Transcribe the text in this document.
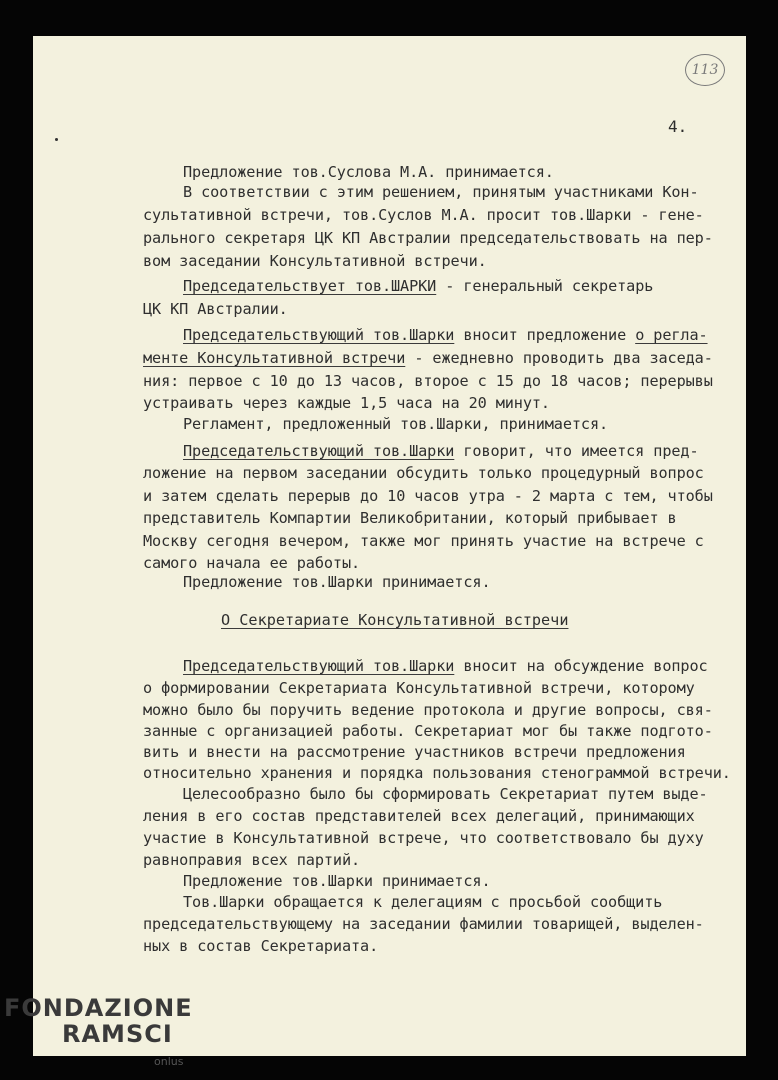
113
4.
Предложение тов.Суслова М.А. принимается.
В соответствии с этим решением, принятым участниками Кон-
сультативной встречи, тов.Суслов М.А. просит тов.Шарки - гене-
рального секретаря ЦК КП Австралии председательствовать на пер-
вом заседании Консультативной встречи.
Председательствует тов.ШАРКИ - генеральный секретарь
ЦК КП Австралии.
Председательствующий тов.Шарки вносит предложение о регла-
менте Консультативной встречи - ежедневно проводить два заседа-
ния: первое с 10 до 13 часов, второе с 15 до 18 часов; перерывы
устраивать через каждые 1,5 часа на 20 минут.
Регламент, предложенный тов.Шарки, принимается.
Председательствующий тов.Шарки говорит, что имеется пред-
ложение на первом заседании обсудить только процедурный вопрос
и затем сделать перерыв до 10 часов утра - 2 марта с тем, чтобы
представитель Компартии Великобритании, который прибывает в
Москву сегодня вечером, также мог принять участие на встрече с
самого начала ее работы.
Предложение тов.Шарки принимается.
О Секретариате Консультативной встречи
Председательствующий тов.Шарки вносит на обсуждение вопрос
о формировании Секретариата Консультативной встречи, которому
можно было бы поручить ведение протокола и другие вопросы, свя-
занные с организацией работы. Секретариат мог бы также подгото-
вить и внести на рассмотрение участников встречи предложения
относительно хранения и порядка пользования стенограммой встречи.
Целесообразно было бы сформировать Секретариат путем выде-
ления в его состав представителей всех делегаций, принимающих
участие в Консультативной встрече, что соответствовало бы духу
равноправия всех партий.
Предложение тов.Шарки принимается.
Тов.Шарки обращается к делегациям с просьбой сообщить
председательствующему на заседании фамилии товарищей, выделен-
ных в состав Секретариата.
FONDAZIONE
RAMSCI
onlus
